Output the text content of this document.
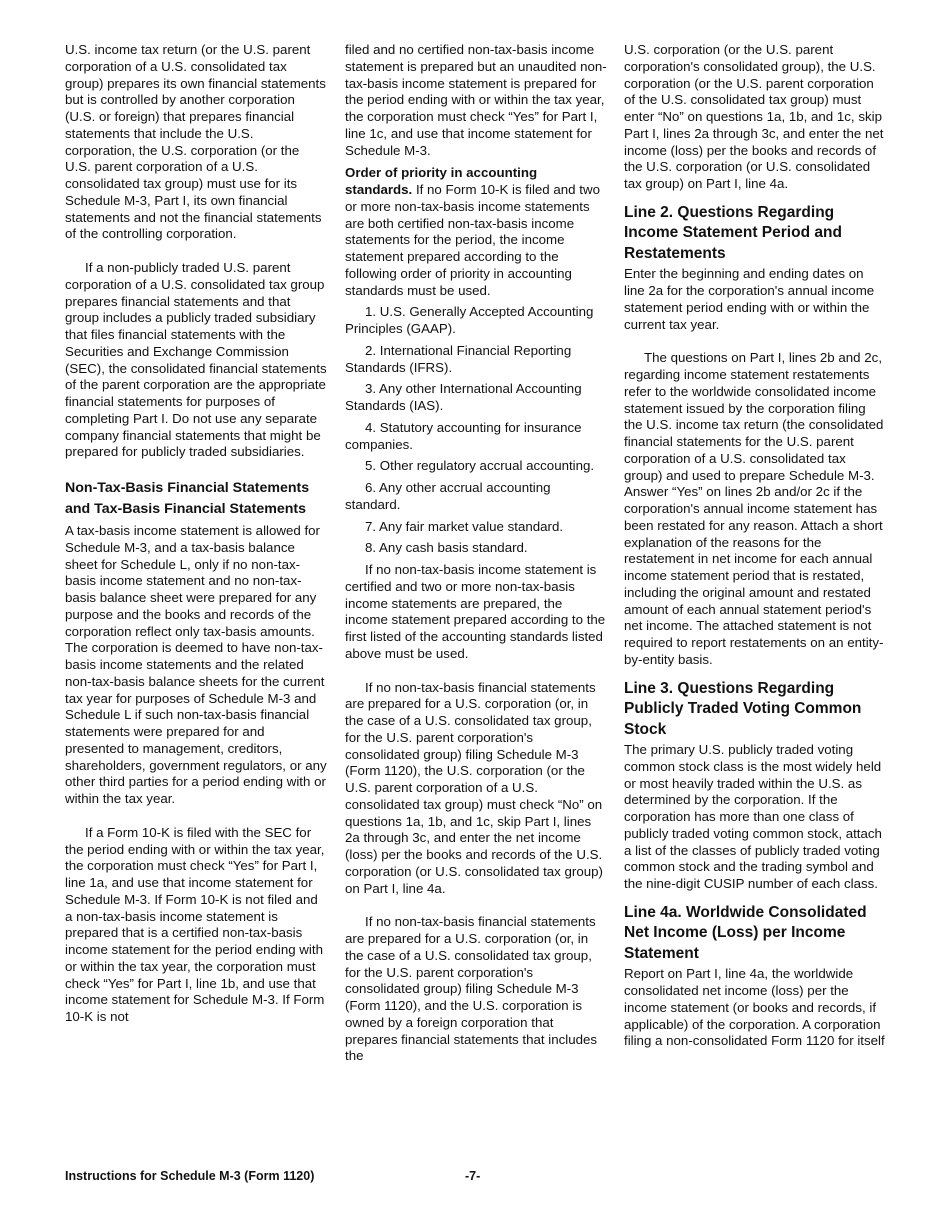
U.S. income tax return (or the U.S. parent corporation of a U.S. consolidated tax group) prepares its own financial statements but is controlled by another corporation (U.S. or foreign) that prepares financial statements that include the U.S. corporation, the U.S. corporation (or the U.S. parent corporation of a U.S. consolidated tax group) must use for its Schedule M-3, Part I, its own financial statements and not the financial statements of the controlling corporation.

If a non-publicly traded U.S. parent corporation of a U.S. consolidated tax group prepares financial statements and that group includes a publicly traded subsidiary that files financial statements with the Securities and Exchange Commission (SEC), the consolidated financial statements of the parent corporation are the appropriate financial statements for purposes of completing Part I. Do not use any separate company financial statements that might be prepared for publicly traded subsidiaries.

Non-Tax-Basis Financial Statements and Tax-Basis Financial Statements

A tax-basis income statement is allowed for Schedule M-3, and a tax-basis balance sheet for Schedule L, only if no non-tax-basis income statement and no non-tax-basis balance sheet were prepared for any purpose and the books and records of the corporation reflect only tax-basis amounts. The corporation is deemed to have non-tax-basis income statements and the related non-tax-basis balance sheets for the current tax year for purposes of Schedule M-3 and Schedule L if such non-tax-basis financial statements were prepared for and presented to management, creditors, shareholders, government regulators, or any other third parties for a period ending with or within the tax year.

If a Form 10-K is filed with the SEC for the period ending with or within the tax year, the corporation must check “Yes” for Part I, line 1a, and use that income statement for Schedule M-3. If Form 10-K is not filed and a non-tax-basis income statement is prepared that is a certified non-tax-basis income statement for the period ending with or within the tax year, the corporation must check “Yes” for Part I, line 1b, and use that income statement for Schedule M-3. If Form 10-K is not

filed and no certified non-tax-basis income statement is prepared but an unaudited non-tax-basis income statement is prepared for the period ending with or within the tax year, the corporation must check “Yes” for Part I, line 1c, and use that income statement for Schedule M-3.

Order of priority in accounting standards. If no Form 10-K is filed and two or more non-tax-basis income statements are both certified non-tax-basis income statements for the period, the income statement prepared according to the following order of priority in accounting standards must be used.

1. U.S. Generally Accepted Accounting Principles (GAAP).

2. International Financial Reporting Standards (IFRS).

3. Any other International Accounting Standards (IAS).

4. Statutory accounting for insurance companies.

5. Other regulatory accrual accounting.

6. Any other accrual accounting standard.

7. Any fair market value standard.

8. Any cash basis standard.

If no non-tax-basis income statement is certified and two or more non-tax-basis income statements are prepared, the income statement prepared according to the first listed of the accounting standards listed above must be used.

If no non-tax-basis financial statements are prepared for a U.S. corporation (or, in the case of a U.S. consolidated tax group, for the U.S. parent corporation's consolidated group) filing Schedule M-3 (Form 1120), the U.S. corporation (or the U.S. parent corporation of a U.S. consolidated tax group) must check “No” on questions 1a, 1b, and 1c, skip Part I, lines 2a through 3c, and enter the net income (loss) per the books and records of the U.S. corporation (or U.S. consolidated tax group) on Part I, line 4a.

If no non-tax-basis financial statements are prepared for a U.S. corporation (or, in the case of a U.S. consolidated tax group, for the U.S. parent corporation's consolidated group) filing Schedule M-3 (Form 1120), and the U.S. corporation is owned by a foreign corporation that prepares financial statements that includes the

U.S. corporation (or the U.S. parent corporation's consolidated group), the U.S. corporation (or the U.S. parent corporation of the U.S. consolidated tax group) must enter “No” on questions 1a, 1b, and 1c, skip Part I, lines 2a through 3c, and enter the net income (loss) per the books and records of the U.S. corporation (or U.S. consolidated tax group) on Part I, line 4a.

Line 2. Questions Regarding Income Statement Period and Restatements

Enter the beginning and ending dates on line 2a for the corporation's annual income statement period ending with or within the current tax year.

The questions on Part I, lines 2b and 2c, regarding income statement restatements refer to the worldwide consolidated income statement issued by the corporation filing the U.S. income tax return (the consolidated financial statements for the U.S. parent corporation of a U.S. consolidated tax group) and used to prepare Schedule M-3. Answer “Yes” on lines 2b and/or 2c if the corporation's annual income statement has been restated for any reason. Attach a short explanation of the reasons for the restatement in net income for each annual income statement period that is restated, including the original amount and restated amount of each annual statement period's net income. The attached statement is not required to report restatements on an entity-by-entity basis.

Line 3. Questions Regarding Publicly Traded Voting Common Stock

The primary U.S. publicly traded voting common stock class is the most widely held or most heavily traded within the U.S. as determined by the corporation. If the corporation has more than one class of publicly traded voting common stock, attach a list of the classes of publicly traded voting common stock and the trading symbol and the nine-digit CUSIP number of each class.

Line 4a. Worldwide Consolidated Net Income (Loss) per Income Statement

Report on Part I, line 4a, the worldwide consolidated net income (loss) per the income statement (or books and records, if applicable) of the corporation. A corporation filing a non-consolidated Form 1120 for itself

Instructions for Schedule M-3 (Form 1120)	-7-
